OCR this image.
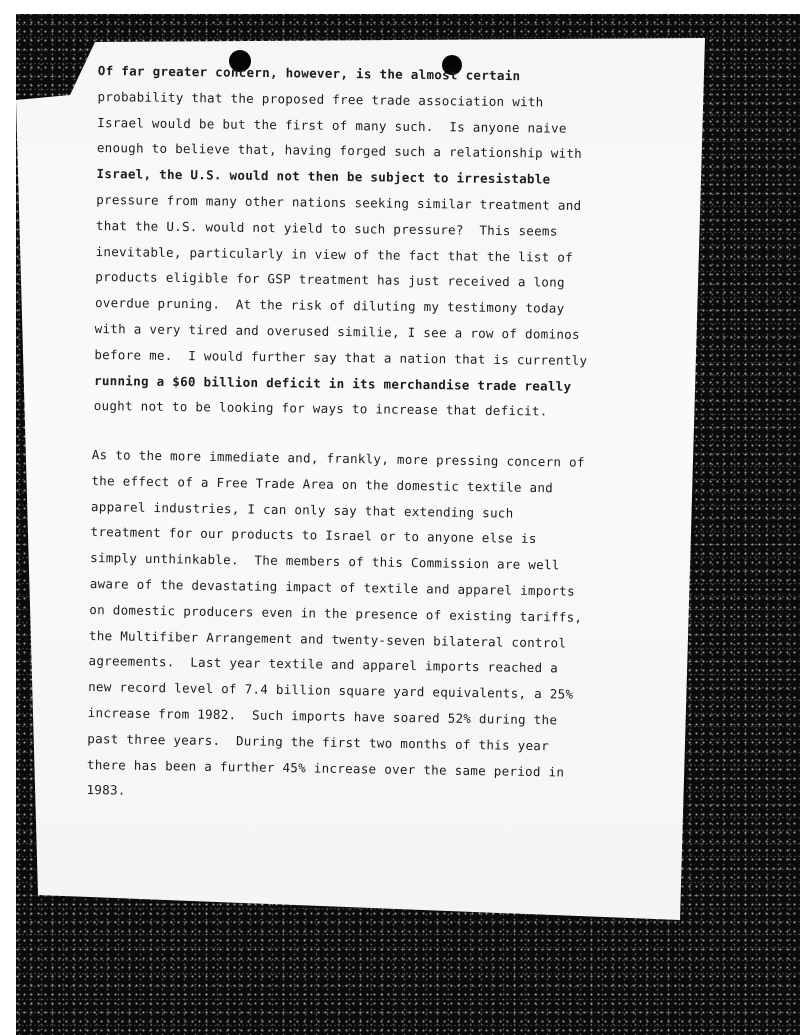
Of far greater concern, however, is the almost certain
probability that the proposed free trade association with
Israel would be but the first of many such.  Is anyone naive
enough to believe that, having forged such a relationship with
Israel, the U.S. would not then be subject to irresistable
pressure from many other nations seeking similar treatment and
that the U.S. would not yield to such pressure?  This seems
inevitable, particularly in view of the fact that the list of
products eligible for GSP treatment has just received a long
overdue pruning.  At the risk of diluting my testimony today
with a very tired and overused similie, I see a row of dominos
before me.  I would further say that a nation that is currently
running a $60 billion deficit in its merchandise trade really
ought not to be looking for ways to increase that deficit.
As to the more immediate and, frankly, more pressing concern of
the effect of a Free Trade Area on the domestic textile and
apparel industries, I can only say that extending such
treatment for our products to Israel or to anyone else is
simply unthinkable.  The members of this Commission are well
aware of the devastating impact of textile and apparel imports
on domestic producers even in the presence of existing tariffs,
the Multifiber Arrangement and twenty-seven bilateral control
agreements.  Last year textile and apparel imports reached a
new record level of 7.4 billion square yard equivalents, a 25%
increase from 1982.  Such imports have soared 52% during the
past three years.  During the first two months of this year
there has been a further 45% increase over the same period in
1983.
